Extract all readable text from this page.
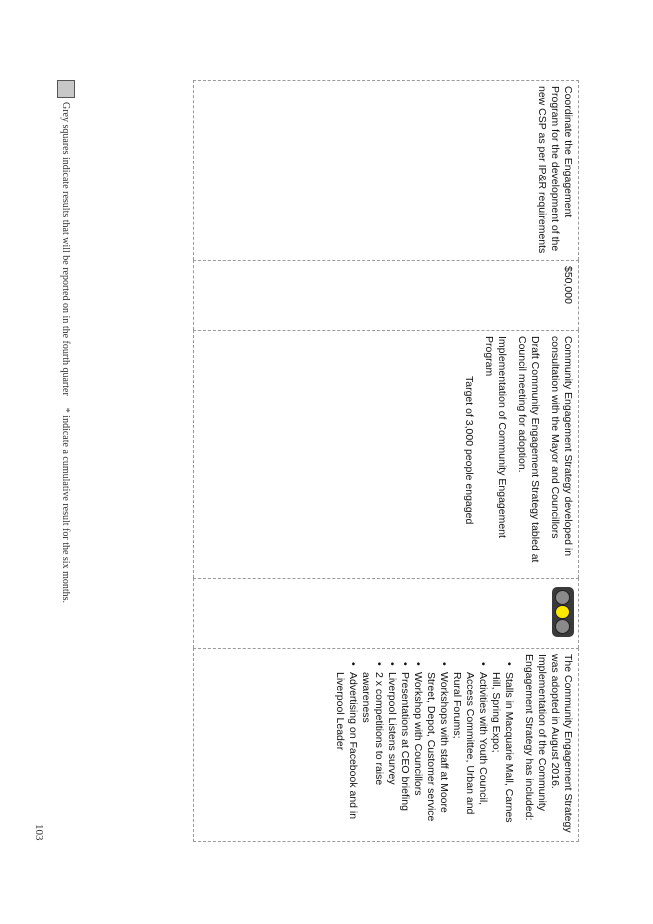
Coordinate the Engagement Program for the development of the new CSP as per IP&R requirements
$50,000

Community Engagement Strategy developed in consultation with the Mayor and Councillors

Draft Community Engagement Strategy tabled at Council meeting for adoption.

Implementation of Community Engagement Program

Target of 3,000 people engaged

The Community Engagement Strategy was adopted in August 2016. Implementation of the Community Engagement Strategy has included:

• Stalls in Macquarie Mall, Carnes Hill, Spring Expo;
• Activities with Youth Council, Access Committee, Urban and Rural Forums;
• Workshops with staff at Moore Street, Depot, Customer service
• Workshop with Councillors
• Presentations at CEO briefing
• Liverpool Listens survey
• 2 x competitions to raise awareness
• Advertising on Facebook and in Liverpool Leader
Grey squares indicate results that will be reported on in the fourth quarter
* indicate a cumulative result for the six months.
103
